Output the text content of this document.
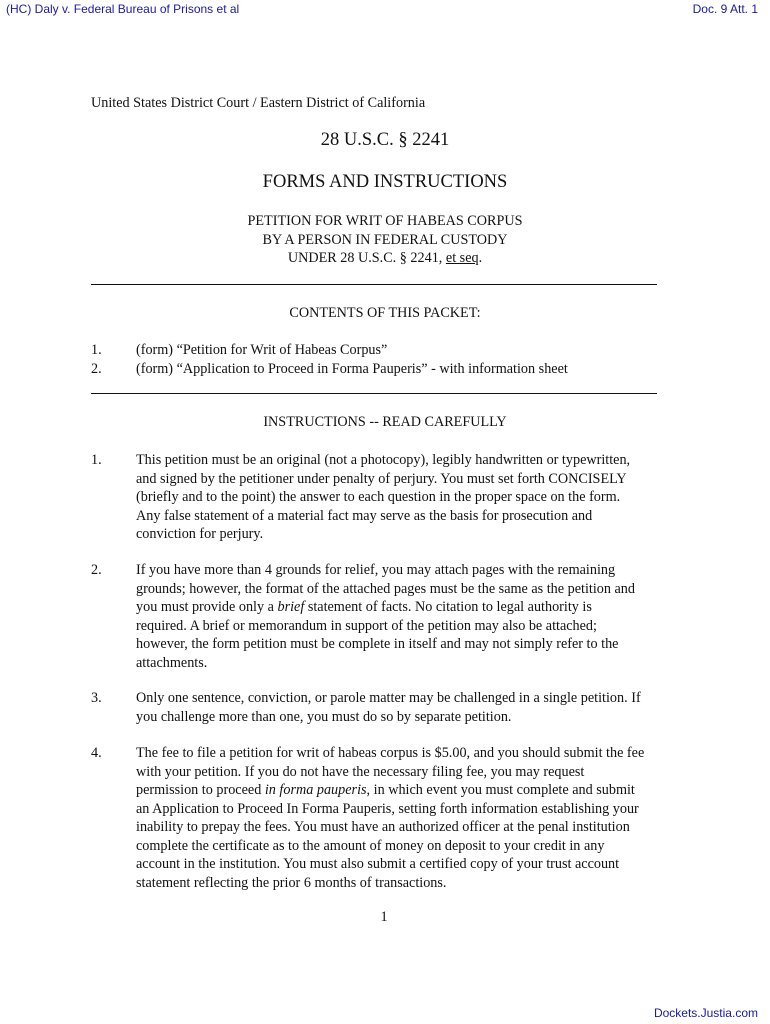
(HC) Daly v. Federal Bureau of Prisons et al	Doc. 9 Att. 1
United States District Court / Eastern District of California
28 U.S.C. § 2241
FORMS AND INSTRUCTIONS
PETITION FOR WRIT OF HABEAS CORPUS
BY A PERSON IN FEDERAL CUSTODY
UNDER 28 U.S.C. § 2241, et seq.
CONTENTS OF THIS PACKET:
1. (form) “Petition for Writ of Habeas Corpus”
2. (form) “Application to Proceed in Forma Pauperis” - with information sheet
INSTRUCTIONS -- READ CAREFULLY
1. This petition must be an original (not a photocopy), legibly handwritten or typewritten,
and signed by the petitioner under penalty of perjury. You must set forth CONCISELY
(briefly and to the point) the answer to each question in the proper space on the form.
Any false statement of a material fact may serve as the basis for prosecution and
conviction for perjury.
2. If you have more than 4 grounds for relief, you may attach pages with the remaining
grounds; however, the format of the attached pages must be the same as the petition and
you must provide only a brief statement of facts. No citation to legal authority is
required. A brief or memorandum in support of the petition may also be attached;
however, the form petition must be complete in itself and may not simply refer to the
attachments.
3. Only one sentence, conviction, or parole matter may be challenged in a single petition. If
you challenge more than one, you must do so by separate petition.
4. The fee to file a petition for writ of habeas corpus is $5.00, and you should submit the fee
with your petition. If you do not have the necessary filing fee, you may request
permission to proceed in forma pauperis, in which event you must complete and submit
an Application to Proceed In Forma Pauperis, setting forth information establishing your
inability to prepay the fees. You must have an authorized officer at the penal institution
complete the certificate as to the amount of money on deposit to your credit in any
account in the institution. You must also submit a certified copy of your trust account
statement reflecting the prior 6 months of transactions.
1
Dockets.Justia.com
